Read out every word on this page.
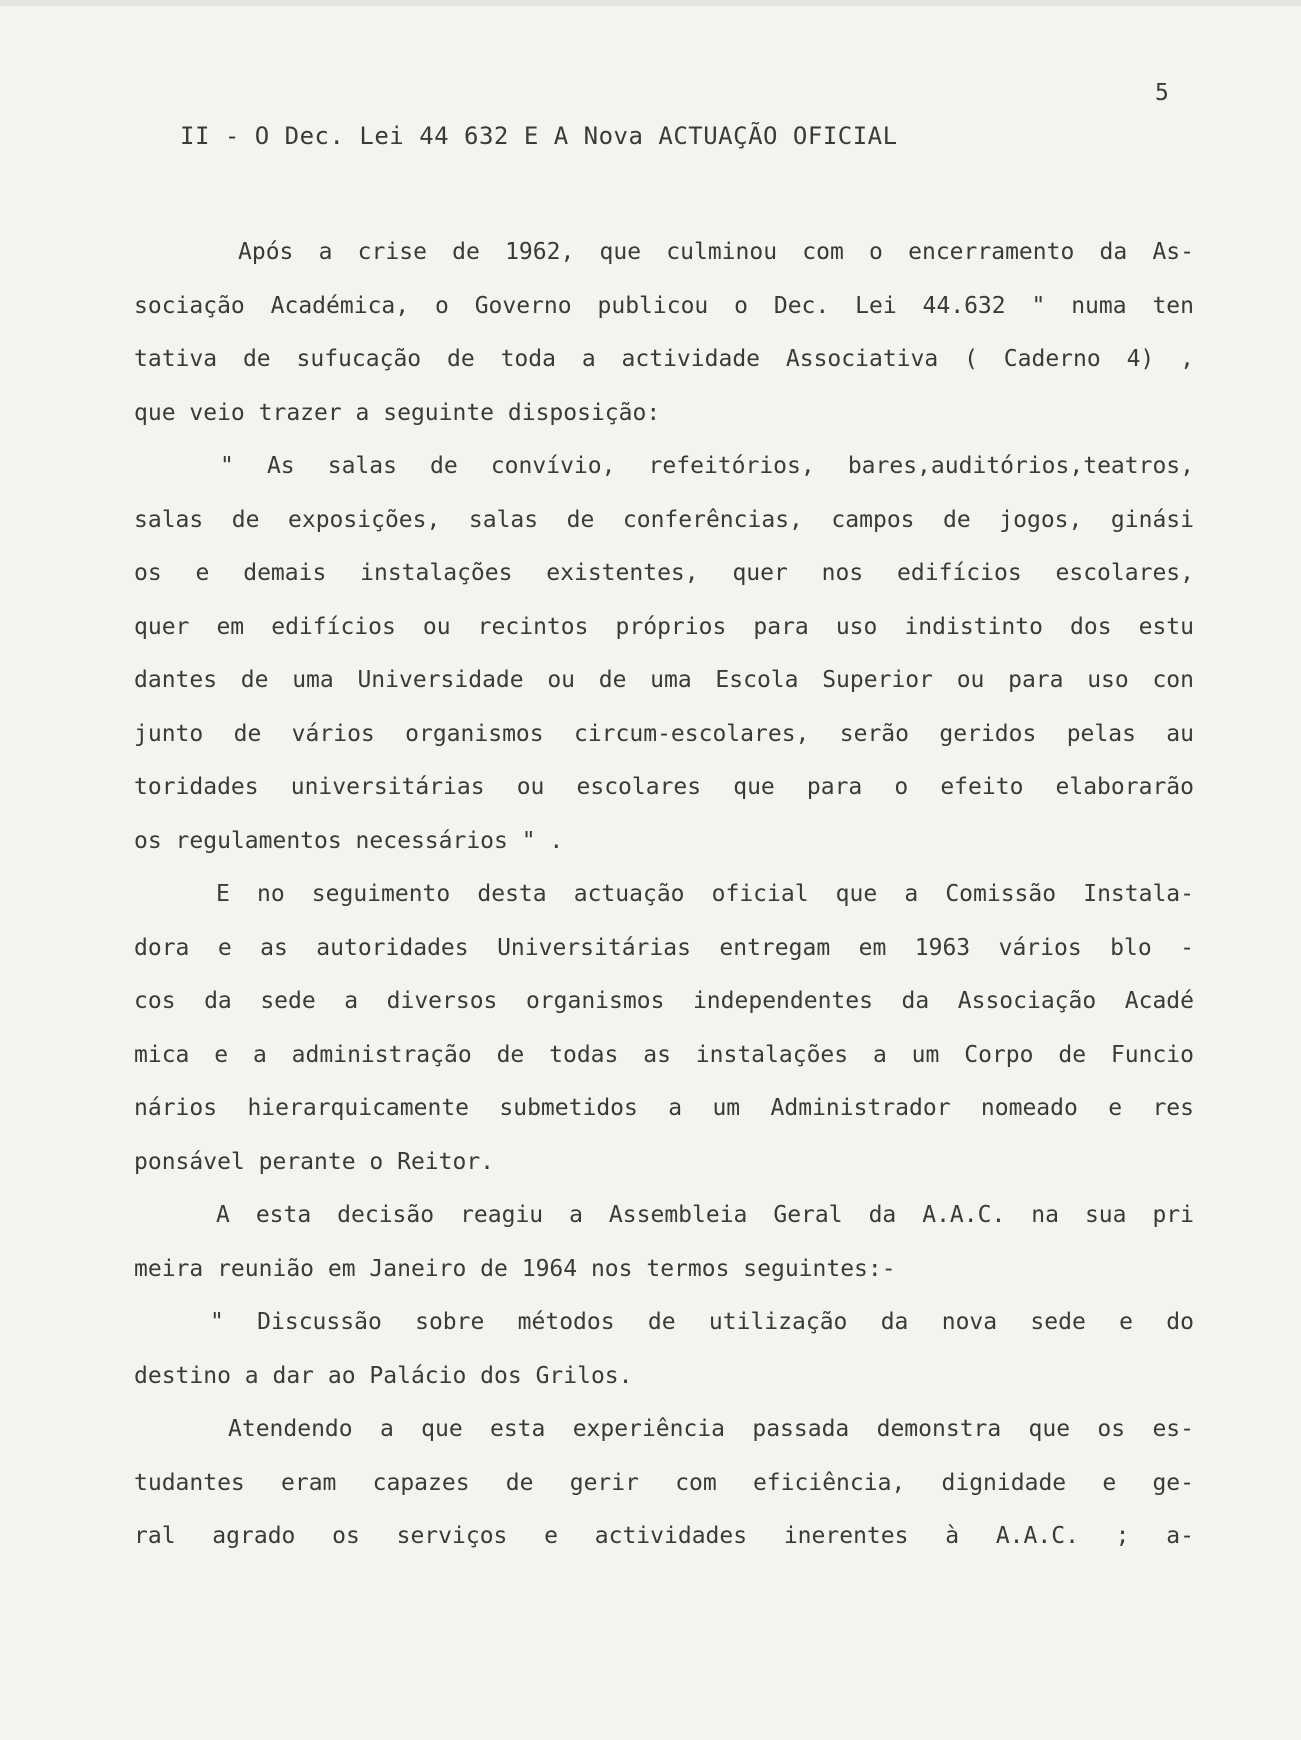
5
II - O Dec. Lei 44 632 E A Nova ACTUAÇÃO OFICIAL
Após a crise de 1962, que culminou com o encerramento da As-
sociação Académica, o Governo publicou o Dec. Lei 44.632 " numa ten
tativa de sufucação de toda a actividade Associativa ( Caderno 4) ,
que veio trazer a seguinte disposição:
" As salas de convívio, refeitórios, bares,auditórios,teatros,
salas de exposições, salas de conferências, campos de jogos, ginási
os e demais instalações existentes, quer nos edifícios escolares,
quer em edifícios ou recintos próprios para uso indistinto dos estu
dantes de uma Universidade ou de uma Escola Superior ou para uso con
junto de vários organismos circum-escolares, serão geridos pelas au
toridades universitárias ou escolares que para o efeito elaborarão
os regulamentos necessários " .
E no seguimento desta actuação oficial que a Comissão Instala-
dora e as autoridades Universitárias entregam em 1963 vários blo -
cos da sede a diversos organismos independentes da Associação Acadé
mica e a administração de todas as instalações a um Corpo de Funcio
nários hierarquicamente submetidos a um Administrador nomeado e res
ponsável perante o Reitor.
A esta decisão reagiu a Assembleia Geral da A.A.C. na sua pri
meira reunião em Janeiro de 1964 nos termos seguintes:-
" Discussão sobre métodos de utilização da nova sede e do
destino a dar ao Palácio dos Grilos.
Atendendo a que esta experiência passada demonstra que os es-
tudantes eram capazes de gerir com eficiência, dignidade e ge-
ral agrado os serviços e actividades inerentes à A.A.C. ; a-
